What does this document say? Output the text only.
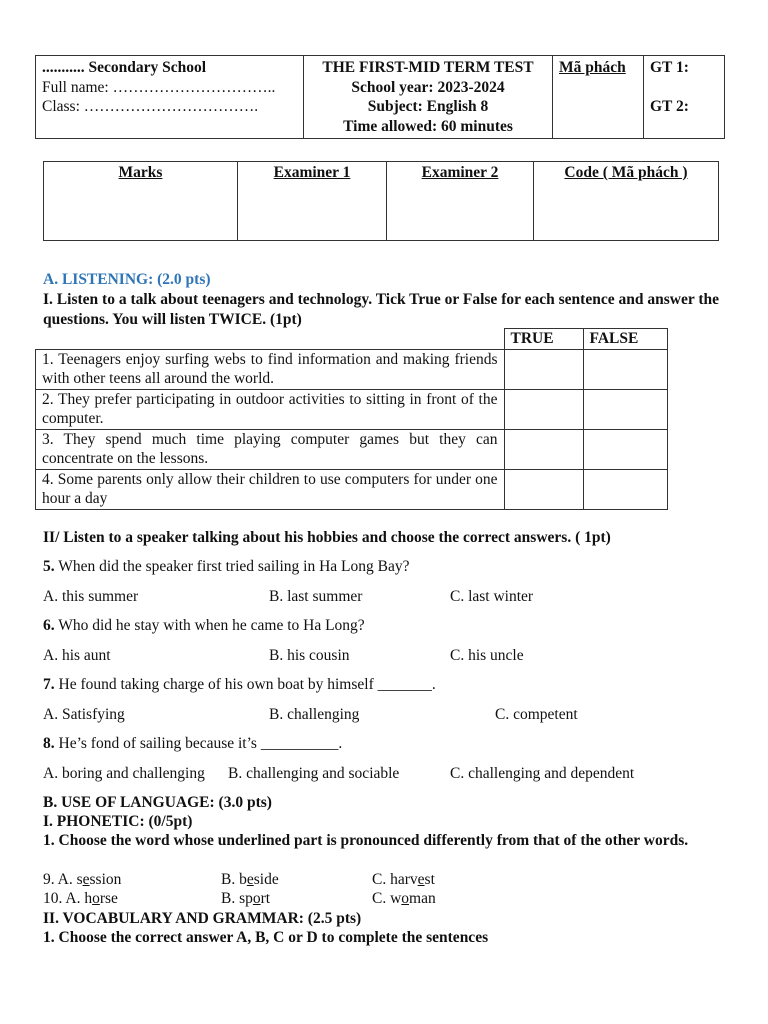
........... Secondary School
Full name: …………………………..
Class: …………………………….

THE FIRST-MID TERM TEST
School year: 2023-2024
Subject: English 8
Time allowed: 60 minutes
	Mã phách	GT 1:
GT 2:
Marks	Examiner 1	Examiner 2	Code ( Mã phách )
A. LISTENING: (2.0 pts)
I. Listen to a talk about teenagers and technology. Tick True or False for each sentence and answer the questions. You will listen TWICE. (1pt)
	TRUE	FALSE
1. Teenagers enjoy surfing webs to find information and making friends with other teens all around the world.		
2. They prefer participating in outdoor activities to sitting in front of the computer.		
3. They spend much time playing computer games but they can concentrate on the lessons.		
4. Some parents only allow their children to use computers for under one hour a day		
II/ Listen to a speaker talking about his hobbies and choose the correct answers. ( 1pt)
5. When did the speaker first tried sailing in Ha Long Bay?
A. this summer	B. last summer	C. last winter
6. Who did he stay with when he came to Ha Long?
A. his aunt	B. his cousin	C. his uncle
7. He found taking charge of his own boat by himself _______.
A. Satisfying	B. challenging	C. competent
8. He’s fond of sailing because it’s __________.
A. boring and challenging B. challenging and sociable	C. challenging and dependent
B. USE OF LANGUAGE: (3.0 pts)
I. PHONETIC: (0/5pt)
1. Choose the word whose underlined part is pronounced differently from that of the other words.
9. A. session	B. beside	C. harvest
10. A. horse	B. sport	C. woman
II. VOCABULARY AND GRAMMAR: (2.5 pts)
1. Choose the correct answer A, B, C or D to complete the sentences
